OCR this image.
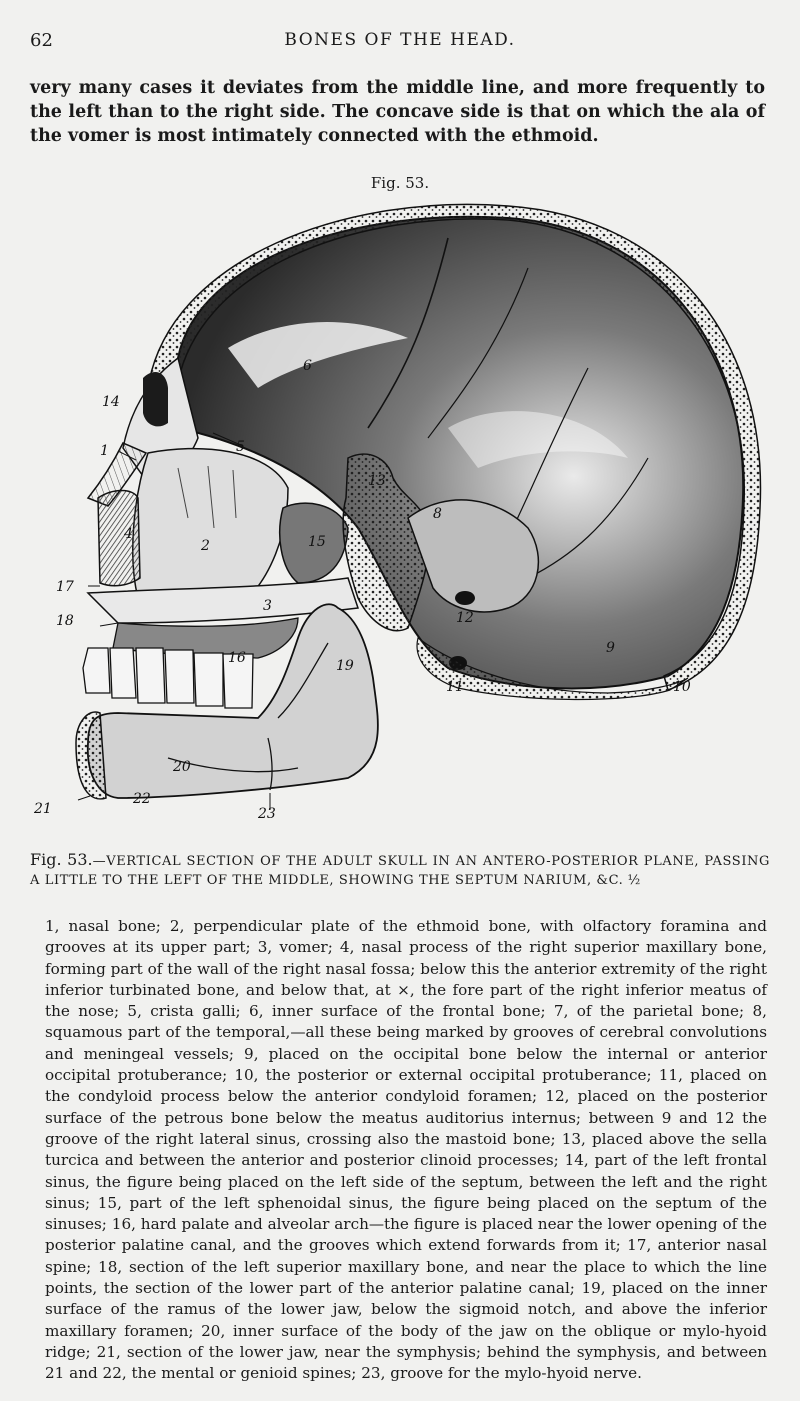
62	BONES OF THE HEAD.
very many cases it deviates from the middle line, and more frequently to the left than to the right side. The concave side is that on which the ala of the vomer is most intimately connected with the ethmoid.
Fig. 53.
1
2
3
4
5
6
8
9
10
11
12
13
14
15
16
17
18
19
20
21
22
23
Fig. 53.—VERTICAL SECTION OF THE ADULT SKULL IN AN ANTERO-POSTERIOR PLANE, PASSING A LITTLE TO THE LEFT OF THE MIDDLE, SHOWING THE SEPTUM NARIUM, &C. ½
1, nasal bone; 2, perpendicular plate of the ethmoid bone, with olfactory foramina and grooves at its upper part; 3, vomer; 4, nasal process of the right superior maxillary bone, forming part of the wall of the right nasal fossa; below this the anterior extremity of the right inferior turbinated bone, and below that, at ×, the fore part of the right inferior meatus of the nose; 5, crista galli; 6, inner surface of the frontal bone; 7, of the parietal bone; 8, squamous part of the temporal,—all these being marked by grooves of cerebral convolutions and meningeal vessels; 9, placed on the occipital bone below the internal or anterior occipital protuberance; 10, the posterior or external occipital protuberance; 11, placed on the condyloid process below the anterior condyloid foramen; 12, placed on the posterior surface of the petrous bone below the meatus auditorius internus; between 9 and 12 the groove of the right lateral sinus, crossing also the mastoid bone; 13, placed above the sella turcica and between the anterior and posterior clinoid processes; 14, part of the left frontal sinus, the figure being placed on the left side of the septum, between the left and the right sinus; 15, part of the left sphenoidal sinus, the figure being placed on the septum of the sinuses; 16, hard palate and alveolar arch—the figure is placed near the lower opening of the posterior palatine canal, and the grooves which extend forwards from it; 17, anterior nasal spine; 18, section of the left superior maxillary bone, and near the place to which the line points, the section of the lower part of the anterior palatine canal; 19, placed on the inner surface of the ramus of the lower jaw, below the sigmoid notch, and above the inferior maxillary foramen; 20, inner surface of the body of the jaw on the oblique or mylo-hyoid ridge; 21, section of the lower jaw, near the symphysis; behind the symphysis, and between 21 and 22, the mental or genioid spines; 23, groove for the mylo-hyoid nerve.
